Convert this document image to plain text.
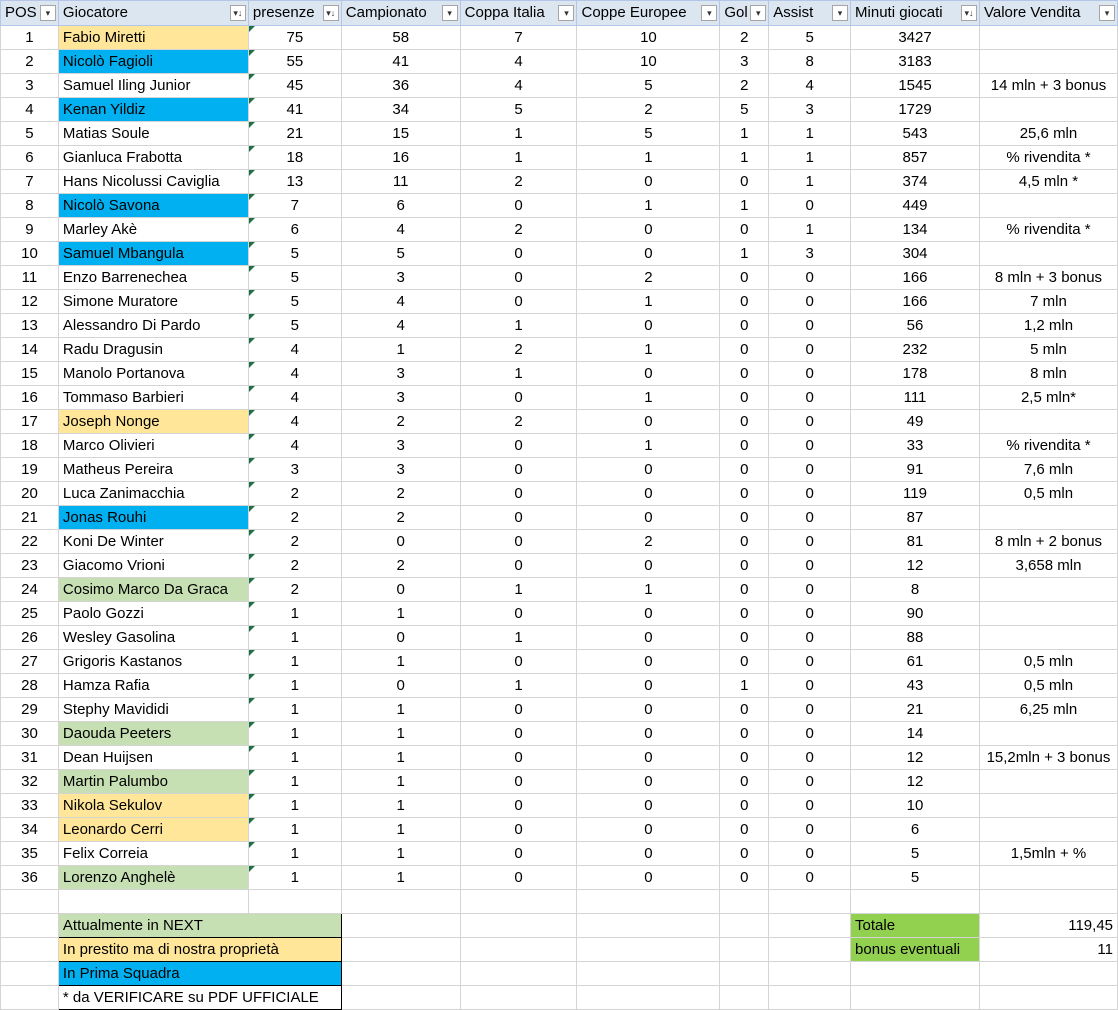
POS ▾	Giocatore ▾↓	presenze ▾↓	Campionato ▾	Coppa Italia ▾	Coppe Europee ▾	Gol ▾	Assist ▾	Minuti giocati ▾↓	Valore Vendita ▾

1	Fabio Miretti	75	58	7	10	2	5	3427	
2	Nicolò Fagioli	55	41	4	10	3	8	3183	
3	Samuel Iling Junior	45	36	4	5	2	4	1545	14 mln + 3 bonus
4	Kenan Yildiz	41	34	5	2	5	3	1729	
5	Matias Soule	21	15	1	5	1	1	543	25,6 mln
6	Gianluca Frabotta	18	16	1	1	1	1	857	% rivendita *
7	Hans Nicolussi Caviglia	13	11	2	0	0	1	374	4,5 mln *
8	Nicolò Savona	7	6	0	1	1	0	449	
9	Marley Akè	6	4	2	0	0	1	134	% rivendita *
10	Samuel Mbangula	5	5	0	0	1	3	304	
11	Enzo Barrenechea	5	3	0	2	0	0	166	8 mln + 3 bonus
12	Simone Muratore	5	4	0	1	0	0	166	7 mln
13	Alessandro Di Pardo	5	4	1	0	0	0	56	1,2 mln
14	Radu Dragusin	4	1	2	1	0	0	232	5 mln
15	Manolo Portanova	4	3	1	0	0	0	178	8 mln
16	Tommaso Barbieri	4	3	0	1	0	0	111	2,5 mln*
17	Joseph Nonge	4	2	2	0	0	0	49	
18	Marco Olivieri	4	3	0	1	0	0	33	% rivendita *
19	Matheus Pereira	3	3	0	0	0	0	91	7,6 mln
20	Luca Zanimacchia	2	2	0	0	0	0	119	0,5 mln
21	Jonas Rouhi	2	2	0	0	0	0	87	
22	Koni De Winter	2	0	0	2	0	0	81	8 mln + 2 bonus
23	Giacomo Vrioni	2	2	0	0	0	0	12	3,658 mln
24	Cosimo Marco Da Graca	2	0	1	1	0	0	8	
25	Paolo Gozzi	1	1	0	0	0	0	90	
26	Wesley Gasolina	1	0	1	0	0	0	88	
27	Grigoris Kastanos	1	1	0	0	0	0	61	0,5 mln
28	Hamza Rafia	1	0	1	0	1	0	43	0,5 mln
29	Stephy Mavididi	1	1	0	0	0	0	21	6,25 mln
30	Daouda Peeters	1	1	0	0	0	0	14	
31	Dean Huijsen	1	1	0	0	0	0	12	15,2mln + 3 bonus
32	Martin Palumbo	1	1	0	0	0	0	12	
33	Nikola Sekulov	1	1	0	0	0	0	10	
34	Leonardo Cerri	1	1	0	0	0	0	6	
35	Felix Correia	1	1	0	0	0	0	5	1,5mln + %
36	Lorenzo Anghelè	1	1	0	0	0	0	5	

	Attualmente in NEXT							Totale	119,45
	In prestito ma di nostra proprietà							bonus eventuali	11
	In Prima Squadra								
	* da VERIFICARE su PDF UFFICIALE								
